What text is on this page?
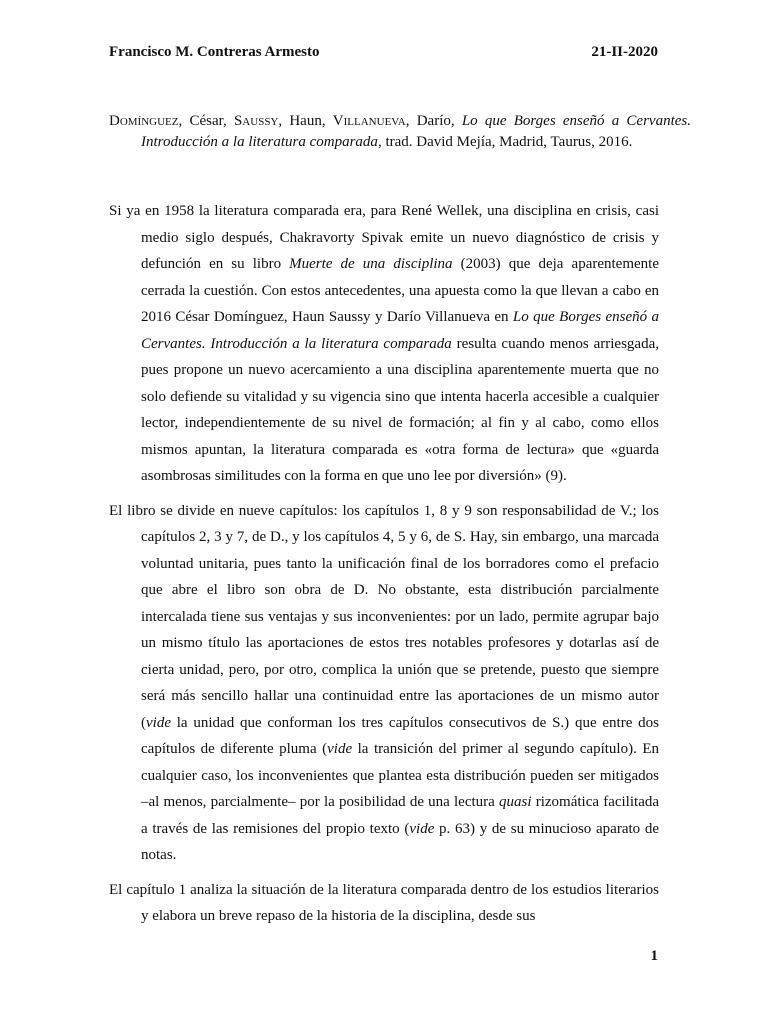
Francisco M. Contreras Armesto	21-II-2020
Domínguez, César, Saussy, Haun, Villanueva, Darío, Lo que Borges enseñó a Cervantes. Introducción a la literatura comparada, trad. David Mejía, Madrid, Taurus, 2016.

Si ya en 1958 la literatura comparada era, para René Wellek, una disciplina en crisis, casi medio siglo después, Chakravorty Spivak emite un nuevo diagnóstico de crisis y defunción en su libro Muerte de una disciplina (2003) que deja aparentemente cerrada la cuestión. Con estos antecedentes, una apuesta como la que llevan a cabo en 2016 César Domínguez, Haun Saussy y Darío Villanueva en Lo que Borges enseñó a Cervantes. Introducción a la literatura comparada resulta cuando menos arriesgada, pues propone un nuevo acercamiento a una disciplina aparentemente muerta que no solo defiende su vitalidad y su vigencia sino que intenta hacerla accesible a cualquier lector, independientemente de su nivel de formación; al fin y al cabo, como ellos mismos apuntan, la literatura comparada es «otra forma de lectura» que «guarda asombrosas similitudes con la forma en que uno lee por diversión» (9).

El libro se divide en nueve capítulos: los capítulos 1, 8 y 9 son responsabilidad de V.; los capítulos 2, 3 y 7, de D., y los capítulos 4, 5 y 6, de S. Hay, sin embargo, una marcada voluntad unitaria, pues tanto la unificación final de los borradores como el prefacio que abre el libro son obra de D. No obstante, esta distribución parcialmente intercalada tiene sus ventajas y sus inconvenientes: por un lado, permite agrupar bajo un mismo título las aportaciones de estos tres notables profesores y dotarlas así de cierta unidad, pero, por otro, complica la unión que se pretende, puesto que siempre será más sencillo hallar una continuidad entre las aportaciones de un mismo autor (vide la unidad que conforman los tres capítulos consecutivos de S.) que entre dos capítulos de diferente pluma (vide la transición del primer al segundo capítulo). En cualquier caso, los inconvenientes que plantea esta distribución pueden ser mitigados –al menos, parcialmente– por la posibilidad de una lectura quasi rizomática facilitada a través de las remisiones del propio texto (vide p. 63) y de su minucioso aparato de notas.

El capítulo 1 analiza la situación de la literatura comparada dentro de los estudios literarios y elabora un breve repaso de la historia de la disciplina, desde sus

1
